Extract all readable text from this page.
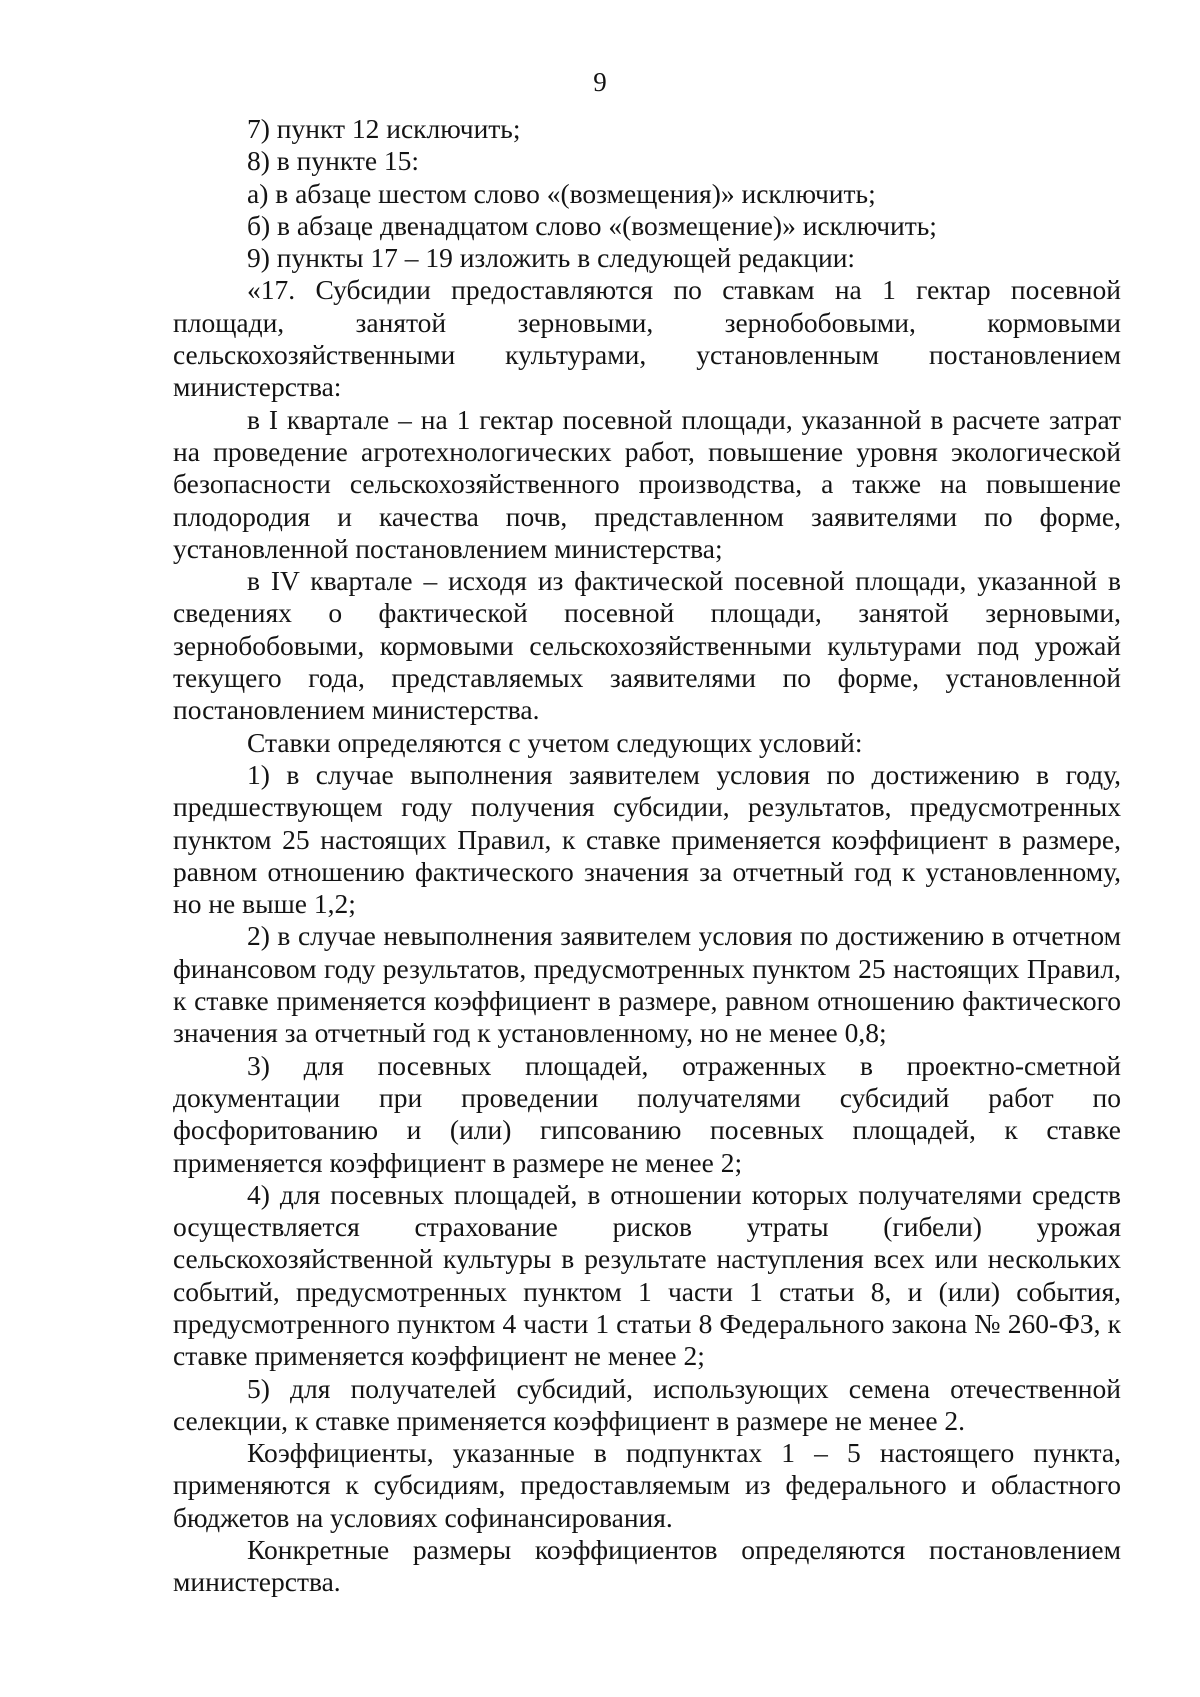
9

7) пункт 12 исключить;

8) в пункте 15:

а) в абзаце шестом слово «(возмещения)» исключить;

б) в абзаце двенадцатом слово «(возмещение)» исключить;

9) пункты 17 – 19 изложить в следующей редакции:

«17. Субсидии предоставляются по ставкам на 1 гектар посевной площади, занятой зерновыми, зернобобовыми, кормовыми сельскохозяйственными культурами, установленным постановлением министерства:

в I квартале – на 1 гектар посевной площади, указанной в расчете затрат на проведение агротехнологических работ, повышение уровня экологической безопасности сельскохозяйственного производства, а также на повышение плодородия и качества почв, представленном заявителями по форме, установленной постановлением министерства;

в IV квартале – исходя из фактической посевной площади, указанной в сведениях о фактической посевной площади, занятой зерновыми, зернобобовыми, кормовыми сельскохозяйственными культурами под урожай текущего года, представляемых заявителями по форме, установленной постановлением министерства.

Ставки определяются с учетом следующих условий:

1) в случае выполнения заявителем условия по достижению в году, предшествующем году получения субсидии, результатов, предусмотренных пунктом 25 настоящих Правил, к ставке применяется коэффициент в размере, равном отношению фактического значения за отчетный год к установленному, но не выше 1,2;

2) в случае невыполнения заявителем условия по достижению в отчетном финансовом году результатов, предусмотренных пунктом 25 настоящих Правил, к ставке применяется коэффициент в размере, равном отношению фактического значения за отчетный год к установленному, но не менее 0,8;

3) для посевных площадей, отраженных в проектно-сметной документации при проведении получателями субсидий работ по фосфоритованию и (или) гипсованию посевных площадей, к ставке применяется коэффициент в размере не менее 2;

4) для посевных площадей, в отношении которых получателями средств осуществляется страхование рисков утраты (гибели) урожая сельскохозяйственной культуры в результате наступления всех или нескольких событий, предусмотренных пунктом 1 части 1 статьи 8, и (или) события, предусмотренного пунктом 4 части 1 статьи 8 Федерального закона № 260-ФЗ, к ставке применяется коэффициент не менее 2;

5) для получателей субсидий, использующих семена отечественной селекции, к ставке применяется коэффициент в размере не менее 2.

Коэффициенты, указанные в подпунктах 1 – 5 настоящего пункта, применяются к субсидиям, предоставляемым из федерального и областного бюджетов на условиях софинансирования.

Конкретные размеры коэффициентов определяются постановлением министерства.
